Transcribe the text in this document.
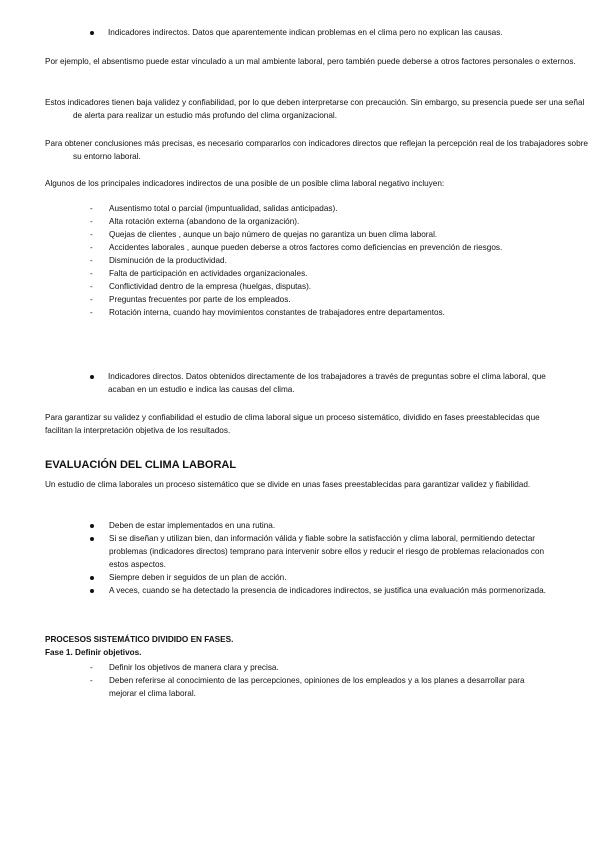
Indicadores indirectos. Datos que aparentemente indican problemas en el clima pero no explican las causas.

Por ejemplo, el absentismo puede estar vinculado a un mal ambiente laboral, pero también puede deberse a otros factores personales o externos.

Estos indicadores tienen baja validez y confiabilidad, por lo que deben interpretarse con precaución. Sin embargo, su presencia puede ser una señal de alerta para realizar un estudio más profundo del clima organizacional.

Para obtener conclusiones más precisas, es necesario compararlos con indicadores directos que reflejan la percepción real de los trabajadores sobre su entorno laboral.

Algunos de los principales indicadores indirectos de una posible de un posible clima laboral negativo incluyen:

-	Ausentismo total o parcial (impuntualidad, salidas anticipadas).
-	Alta rotación externa (abandono de la organización).
-	Quejas de clientes , aunque un bajo número de quejas no garantiza un buen clima laboral.
-	Accidentes laborales , aunque pueden deberse a otros factores como deficiencias en prevención de riesgos.
-	Disminución de la productividad.
-	Falta de participación en actividades organizacionales.
-	Conflictividad dentro de la empresa (huelgas, disputas).
-	Preguntas frecuentes por parte de los empleados.
-	Rotación interna, cuando hay movimientos constantes de trabajadores entre departamentos.

Indicadores directos. Datos obtenidos directamente de los trabajadores a través de preguntas sobre el clima laboral, que acaban en un estudio e indica las causas del clima.

Para garantizar su validez y confiabilidad el estudio de clima laboral sigue un proceso sistemático, dividido en fases preestablecidas que facilitan la interpretación objetiva de los resultados.

EVALUACIÓN DEL CLIMA LABORAL

Un estudio de clima laborales un proceso sistemático que se divide en unas fases preestablecidas para garantizar validez y fiabilidad.

Deben de estar implementados en una rutina.
Si se diseñan y utilizan bien, dan información válida y fiable sobre la satisfacción y clima laboral, permitiendo detectar problemas (indicadores directos) temprano para intervenir sobre ellos y reducir el riesgo de problemas relacionados con estos aspectos.
Siempre deben ir seguidos de un plan de acción.
A veces, cuando se ha detectado la presencia de indicadores indirectos, se justifica una evaluación más pormenorizada.

PROCESOS SISTEMÁTICO DIVIDIDO EN FASES.

Fase 1. Definir objetivos.

-	Definir los objetivos de manera clara y precisa.
-	Deben referirse al conocimiento de las percepciones, opiniones de los empleados y a los planes a desarrollar para mejorar el clima laboral.
